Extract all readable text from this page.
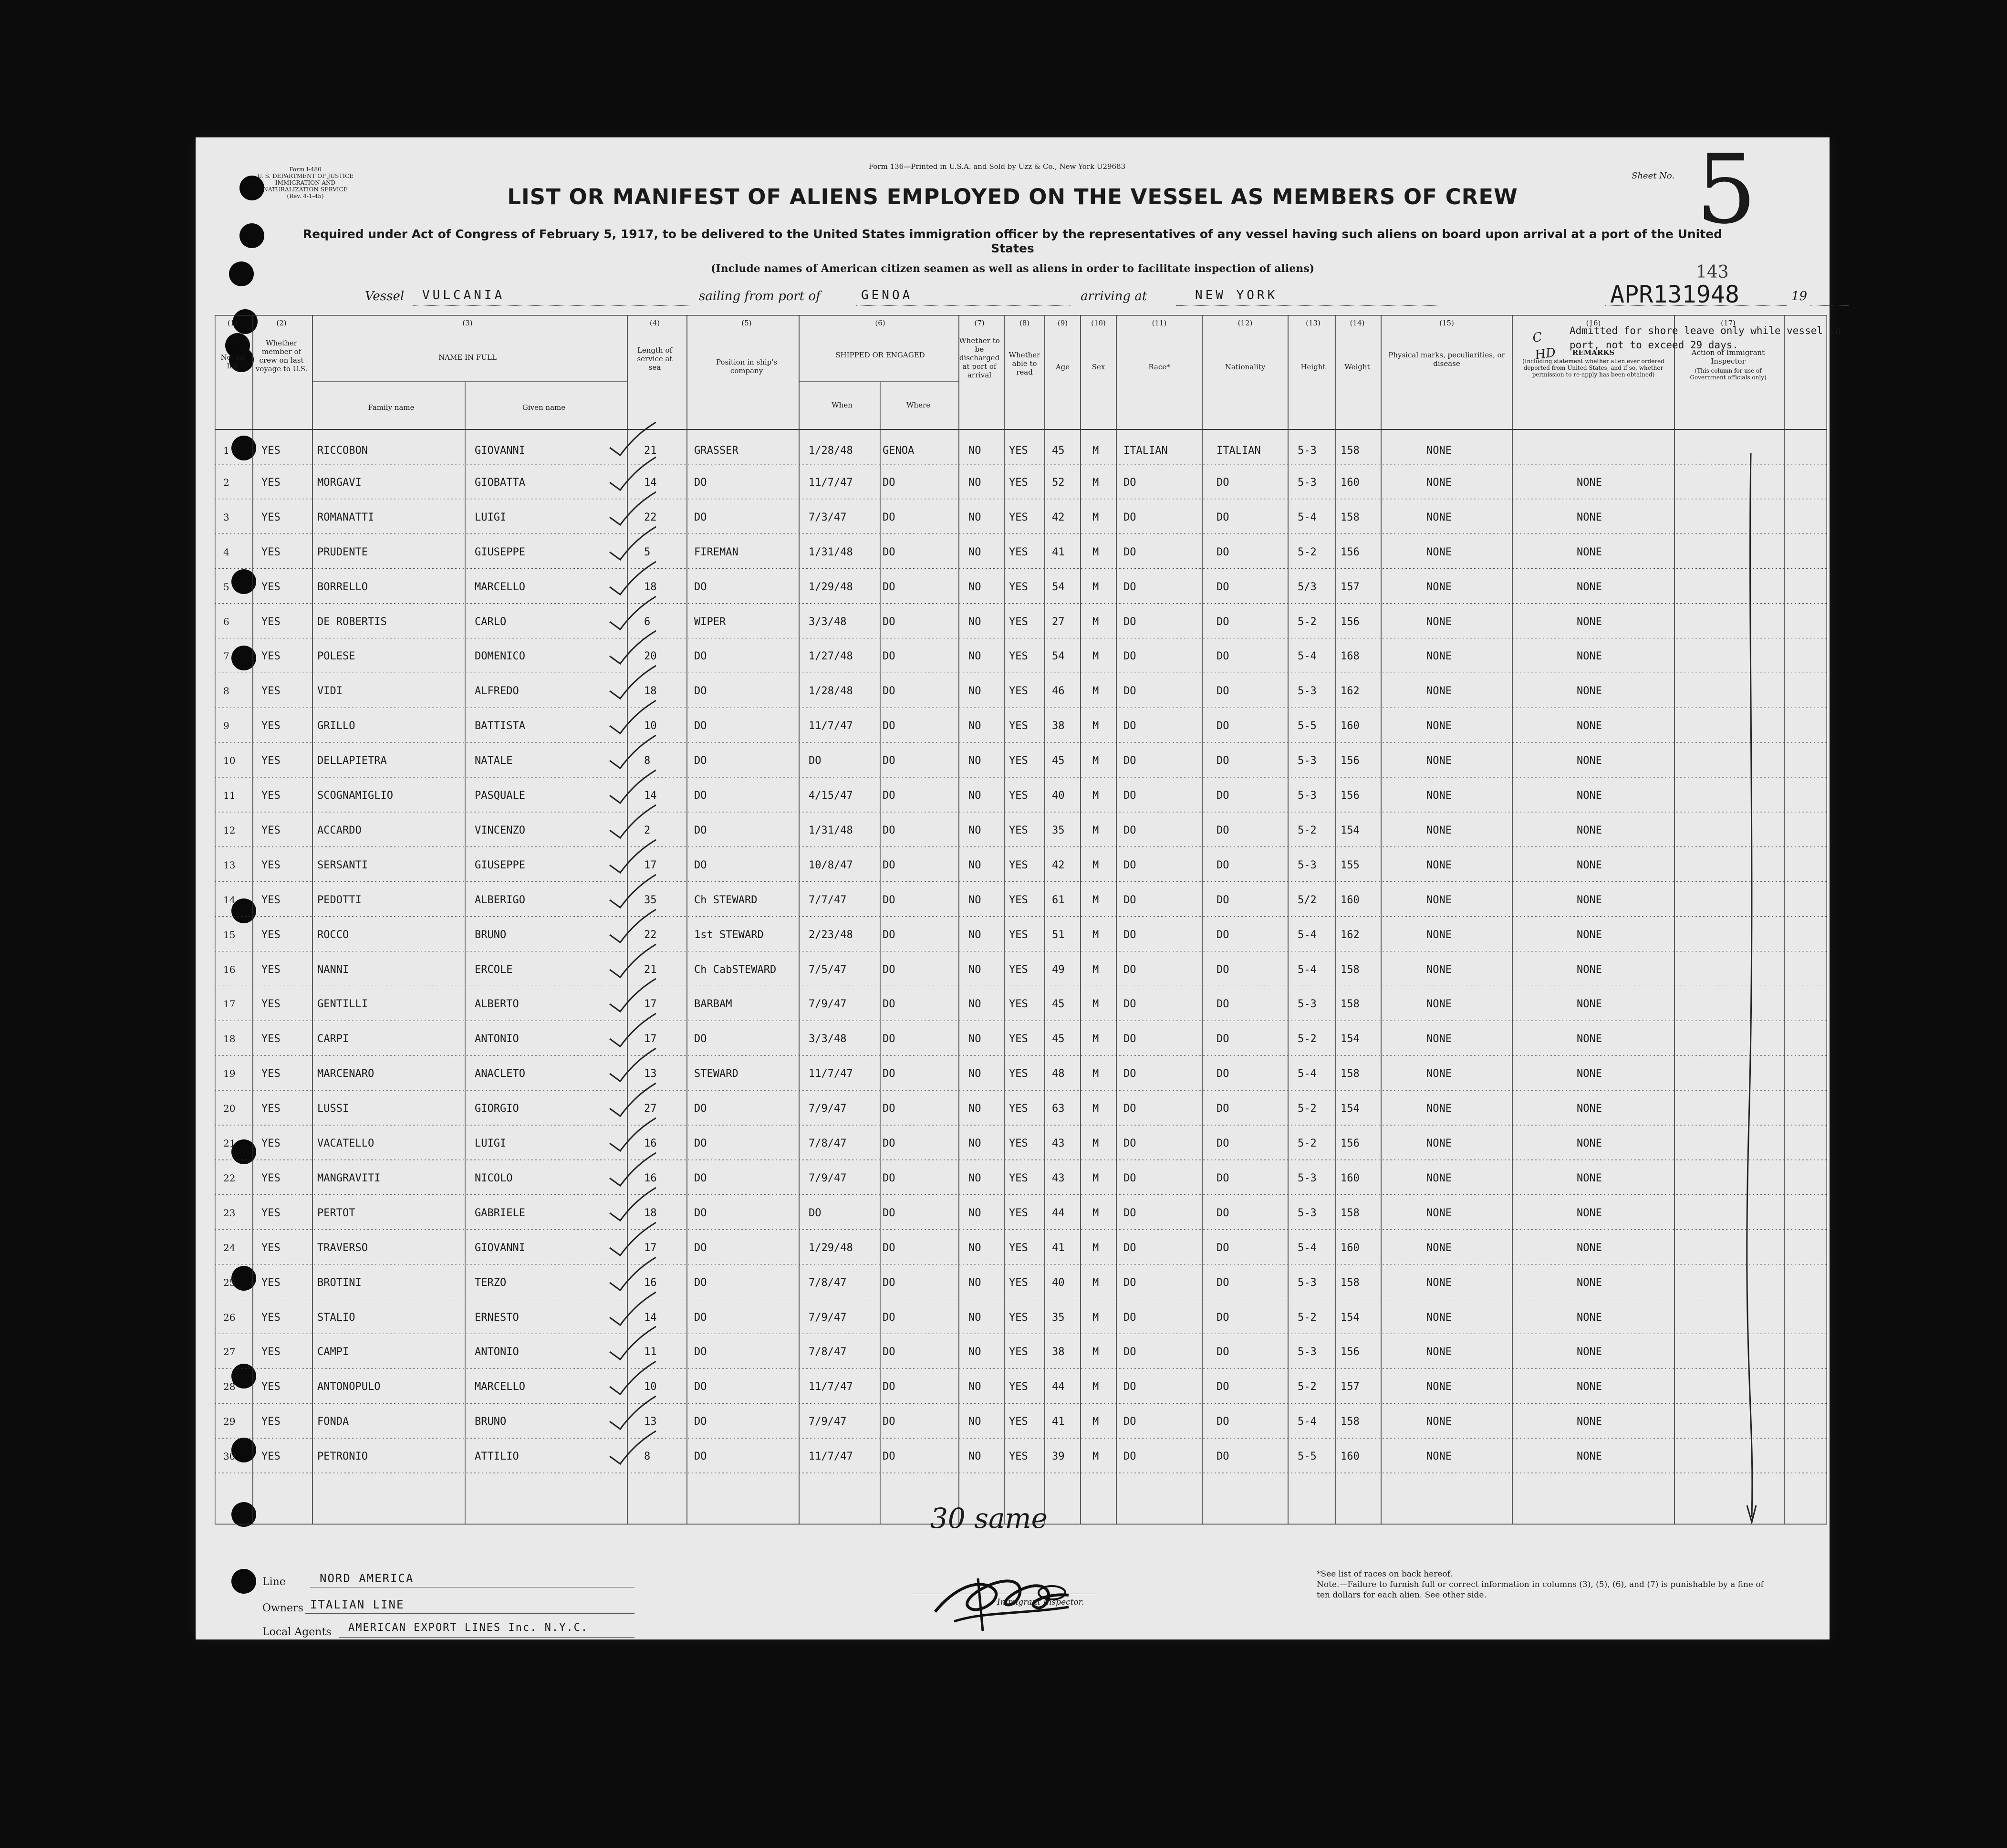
Form I-480
U. S. DEPARTMENT OF JUSTICE
IMMIGRATION AND NATURALIZATION SERVICE
(Rev. 4-1-45)
Form 136—Printed in U.S.A. and Sold by Uzz & Co., New York U29683
Sheet No. 5
LIST OR MANIFEST OF ALIENS EMPLOYED ON THE VESSEL AS MEMBERS OF CREW
Required under Act of Congress of February 5, 1917, to be delivered to the United States immigration officer by the representatives of any vessel having such aliens on board upon arrival at a port of the United States
(Include names of American citizen seamen as well as aliens in order to facilitate inspection of aliens)	143
Vessel VULCANIA	sailing from port of	GENOA	arriving at	NEW YORK	APR131948	19
No. on list
Whether member of crew on last voyage to U.S.
NAME IN FULL
Family name	Given name
Length of service at sea
Position in ship's company
SHIPPED OR ENGAGED
When	Where
Whether to be discharged at port of arrival
Whether able to read
Age	Sex	Race*	Nationality	Height	Weight
Physical marks, peculiarities, or disease
REMARKS
(Including statement whether alien ever ordered deported from United States, and if so, whether permission to re-apply has been obtained)
Action of Immigrant Inspector
(This column for use of Government officials only)
(1)	(2)	(3)	(4)	(5)	(6)	(7)	(8)	(9)	(10)	(11)	(12)	(13)	(14)	(15)	(16)	(17)
1	YES	RICCOBON	GIOVANNI	21	GRASSER	1/28/48	GENOA	NO	YES 45	M ITALIAN	ITALIAN	5-3 158	NONE
2	YES	MORGAVI	GIOBATTA	14	DO	11/7/47	DO	NO	YES 52	M DO	DO	5-3 160	NONE	NONE
3	YES	ROMANATTI	LUIGI	22	DO	7/3/47	DO	NO	YES 42	M DO	DO	5-4 158	NONE	NONE
4	YES	PRUDENTE	GIUSEPPE	5	FIREMAN	1/31/48	DO	NO	YES 41	M DO	DO	5-2 156	NONE	NONE
5	YES	BORRELLO	MARCELLO	18	DO	1/29/48	DO	NO	YES 54	M DO	DO	5/3 157	NONE	NONE
6	YES	DE ROBERTIS	CARLO	6	WIPER	3/3/48	DO	NO	YES 27	M DO	DO	5-2 156	NONE	NONE
7	YES	POLESE	DOMENICO	20	DO	1/27/48	DO	NO	YES 54	M DO	DO	5-4 168	NONE	NONE
8	YES	VIDI	ALFREDO	18	DO	1/28/48	DO	NO	YES 46	M DO	DO	5-3 162	NONE	NONE
9	YES	GRILLO	BATTISTA	10	DO	11/7/47	DO	NO	YES 38	M DO	DO	5-5 160	NONE	NONE
10 YES	DELLAPIETRA	NATALE	8	DO	DO	DO	NO	YES 45	M DO	DO	5-3 156	NONE	NONE
11 YES	SCOGNAMIGLIO	PASQUALE	14	DO	4/15/47	DO	NO	YES 40	M DO	DO	5-3 156	NONE	NONE
12 YES	ACCARDO	VINCENZO	2	DO	1/31/48	DO	NO	YES 35	M DO	DO	5-2 154	NONE	NONE
13 YES	SERSANTI	GIUSEPPE	17	DO	10/8/47	DO	NO	YES 42	M DO	DO	5-3 155	NONE	NONE
14 YES	PEDOTTI	ALBERIGO	35	Ch STEWARD	7/7/47	DO	NO	YES 61	M DO	DO	5/2 160	NONE	NONE
15 YES	ROCCO	BRUNO	22	1st STEWARD	2/23/48	DO	NO	YES 51	M DO	DO	5-4 162	NONE	NONE
16 YES	NANNI	ERCOLE	21	Ch CabSTEWARD	7/5/47	DO	NO	YES 49	M DO	DO	5-4 158	NONE	NONE
17 YES	GENTILLI	ALBERTO	17	BARBAM	7/9/47	DO	NO	YES 45	M DO	DO	5-3 158	NONE	NONE
18 YES	CARPI	ANTONIO	17	DO	3/3/48	DO	NO	YES 45	M DO	DO	5-2 154	NONE	NONE
19 YES	MARCENARO	ANACLETO	13	STEWARD	11/7/47	DO	NO	YES 48	M DO	DO	5-4 158	NONE	NONE
20 YES	LUSSI	GIORGIO	27	DO	7/9/47	DO	NO	YES 63	M DO	DO	5-2 154	NONE	NONE
21 YES	VACATELLO	LUIGI	16	DO	7/8/47	DO	NO	YES 43	M DO	DO	5-2 156	NONE	NONE
22 YES	MANGRAVITI	NICOLO	16	DO	7/9/47	DO	NO	YES 43	M DO	DO	5-3 160	NONE	NONE
23 YES	PERTOT	GABRIELE	18	DO	DO	DO	NO	YES 44	M DO	DO	5-3 158	NONE	NONE
24 YES	TRAVERSO	GIOVANNI	17	DO	1/29/48	DO	NO	YES 41	M DO	DO	5-4 160	NONE	NONE
25 YES	BROTINI	TERZO	16	DO	7/8/47	DO	NO	YES 40	M DO	DO	5-3 158	NONE	NONE
26 YES	STALIO	ERNESTO	14	DO	7/9/47	DO	NO	YES 35	M DO	DO	5-2 154	NONE	NONE
27 YES	CAMPI	ANTONIO	11	DO	7/8/47	DO	NO	YES 38	M DO	DO	5-3 156	NONE	NONE
28 YES	ANTONOPULO	MARCELLO	10	DO	11/7/47	DO	NO	YES 44	M DO	DO	5-2 157	NONE	NONE
29 YES	FONDA	BRUNO	13	DO	7/9/47	DO	NO	YES 41	M DO	DO	5-4 158	NONE	NONE
30 YES	PETRONIO	ATTILIO	8	DO	11/7/47	DO	NO	YES 39	M DO	DO	5-5 160	NONE	NONE
Admitted for shore leave only while vessel in port, not to exceed 29 days.
C
HD
30 same
Line	NORD AMERICA
Owners ITALIAN LINE
Local Agents AMERICAN EXPORT LINES Inc. N.Y.C.
Immigrant Inspector.
*See list of races on back hereof.
Note.—Failure to furnish full or correct information in columns (3), (5), (6), and (7) is punishable by a fine of ten dollars for each alien. See other side.
